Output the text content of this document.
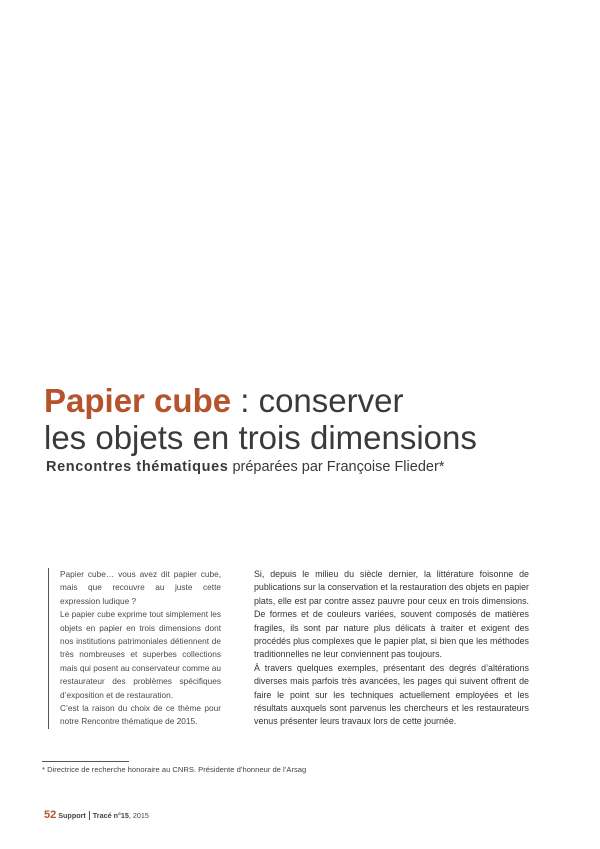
Papier cube : conserver
les objets en trois dimensions

Rencontres thématiques préparées par Françoise Flieder*

Papier cube… vous avez dit papier cube, mais que recouvre au juste cette expression ludique ?

Le papier cube exprime tout simplement les objets en papier en trois dimensions dont nos institutions patrimoniales détiennent de très nombreuses et superbes collections mais qui posent au conservateur comme au restaurateur des problèmes spécifiques d’exposition et de restauration.

C’est la raison du choix de ce thème pour notre Rencontre thématique de 2015.

Si, depuis le milieu du siècle dernier, la littérature foisonne de publications sur la conservation et la restauration des objets en papier plats, elle est par contre assez pauvre pour ceux en trois dimensions. De formes et de couleurs variées, souvent composés de matières fragiles, ils sont par nature plus délicats à traiter et exigent des procédés plus complexes que le papier plat, si bien que les méthodes traditionnelles ne leur conviennent pas toujours.

À travers quelques exemples, présentant des degrés d’altérations diverses mais parfois très avancées, les pages qui suivent offrent de faire le point sur les techniques actuellement employées et les résultats auxquels sont parvenus les chercheurs et les restaurateurs venus présenter leurs travaux lors de cette journée.

* Directrice de recherche honoraire au CNRS. Présidente d’honneur de l’Arsag

52 Support Tracé n°15, 2015
